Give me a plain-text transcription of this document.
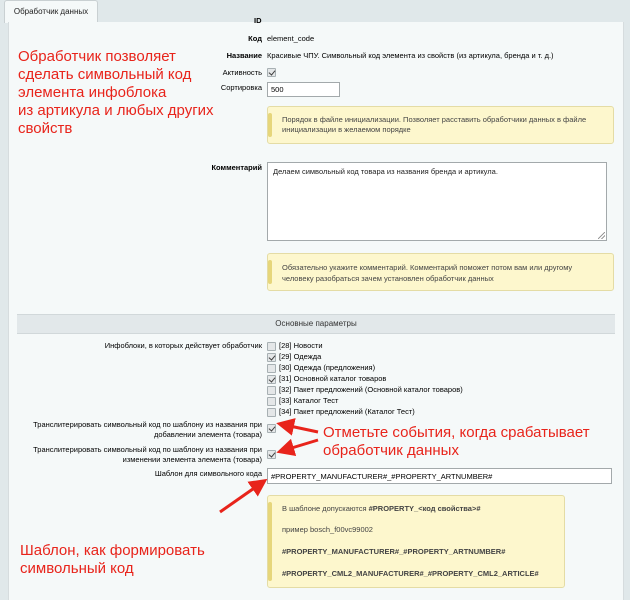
Обработчик данных
ID
Код element_code
Название Красивые ЧПУ. Символьный код элемента из свойств (из артикула, бренда и т. д.)
Активность
Сортировка	500
Порядок в файле инициализации. Позволяет расставить обработчики данных в файле инициализации в желаемом порядке
Комментарий	Делаем символьный код товара из названия бренда и артикула.
Обязательно укажите комментарий. Комментарий поможет потом вам или другому человеку разобраться зачем установлен обработчик данных
Основные параметры
Инфоблоки, в которых действует обработчик [28] Новости
[29] Одежда
[30] Одежда (предложения)
[31] Основной каталог товаров
[32] Пакет предложений (Основной каталог товаров)
[33] Каталог Тест
[34] Пакет предложений (Каталог Тест)
Транслитерировать символьный код по шаблону из названия при
добавлении элемента (товара)
Транслитерировать символьный код по шаблону из названия при
изменении элемента элемента (товара)
Шаблон для символьного кода	#PROPERTY_MANUFACTURER#_#PROPERTY_ARTNUMBER#
В шаблоне допускаются #PROPERTY_<код свойства>#
пример bosch_f00vc99002
#PROPERTY_MANUFACTURER#_#PROPERTY_ARTNUMBER#
#PROPERTY_CML2_MANUFACTURER#_#PROPERTY_CML2_ARTICLE#
Обработчик позволяет
сделать символьный код
элемента инфоблока
из артикула и любых других
свойств
Отметьте события, когда срабатывает
обработчик данных
Шаблон, как формировать
символьный код
